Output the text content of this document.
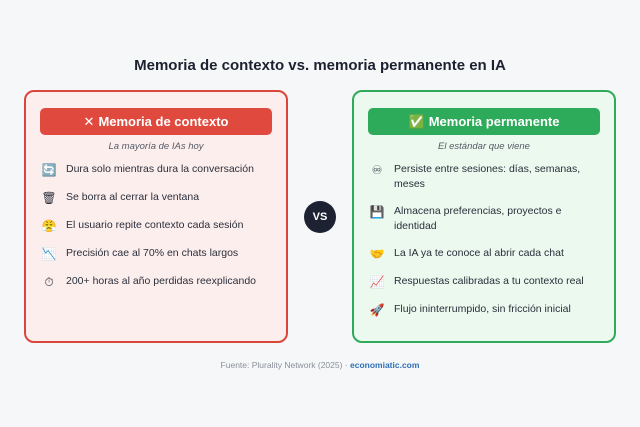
Memoria de contexto vs. memoria permanente en IA
✕ Memoria de contexto
La mayoría de IAs hoy
🔄 Dura solo mientras dura la conversación
🗑 Se borra al cerrar la ventana
😤 El usuario repite contexto cada sesión
📉 Precisión cae al 70% en chats largos
⏱	200+ horas al año perdidas reexplicando
VS
✅ Memoria permanente
El estándar que viene
♾	Persiste entre sesiones: días, semanas, meses
💾 Almacena preferencias, proyectos e identidad
🤝 La IA ya te conoce al abrir cada chat
📈 Respuestas calibradas a tu contexto real
🚀 Flujo ininterrumpido, sin fricción inicial
Fuente: Plurality Network (2025) · economiatic.com
